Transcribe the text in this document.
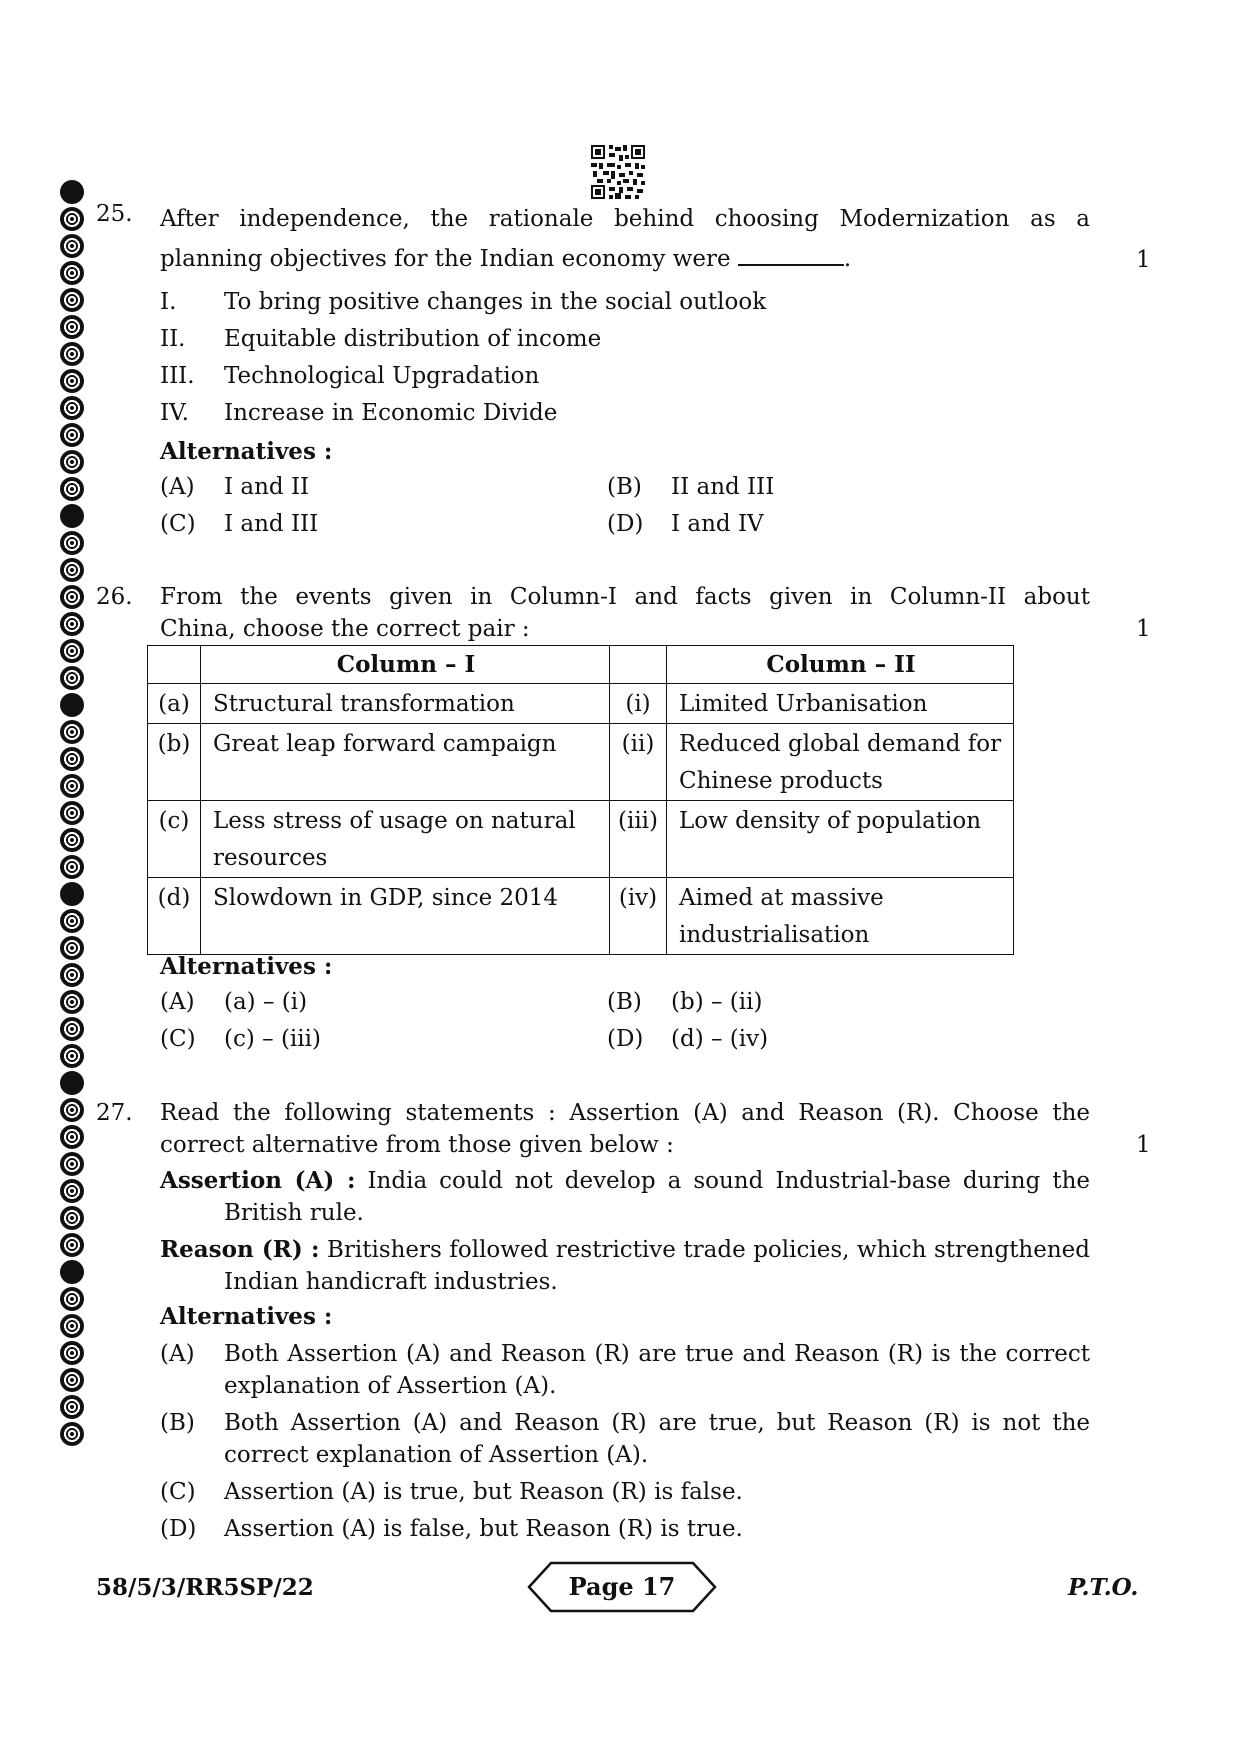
25. After independence, the rationale behind choosing Modernization as a
planning objectives for the Indian economy were	.	1
I. To bring positive changes in the social outlook
II. Equitable distribution of income
III. Technological Upgradation
IV. Increase in Economic Divide
Alternatives :
(A) I and II	(B) II and III
(C) I and III	(D) I and IV
26. From the events given in Column-I and facts given in Column-II about
China, choose the correct pair :	1
	Column – I		Column – II
(a)	Structural transformation	(i)	Limited Urbanisation
(b)	Great leap forward campaign	(ii)	Reduced global demand for Chinese products
(c)	Less stress of usage on natural resources	(iii)	Low density of population
(d)	Slowdown in GDP, since 2014	(iv)	Aimed at massive industrialisation
Alternatives :
(A) (a) – (i)	(B) (b) – (ii)
(C) (c) – (iii)	(D) (d) – (iv)
27. Read the following statements : Assertion (A) and Reason (R). Choose the
correct alternative from those given below :	1
Assertion (A) : India could not develop a sound Industrial-base during the British rule.
Reason (R) : Britishers followed restrictive trade policies, which strengthened Indian handicraft industries.
Alternatives :
(A) Both Assertion (A) and Reason (R) are true and Reason (R) is the correct explanation of Assertion (A).
(B) Both Assertion (A) and Reason (R) are true, but Reason (R) is not the correct explanation of Assertion (A).
(C) Assertion (A) is true, but Reason (R) is false.
(D) Assertion (A) is false, but Reason (R) is true.
58/5/3/RR5SP/22	Page 17	P.T.O.
